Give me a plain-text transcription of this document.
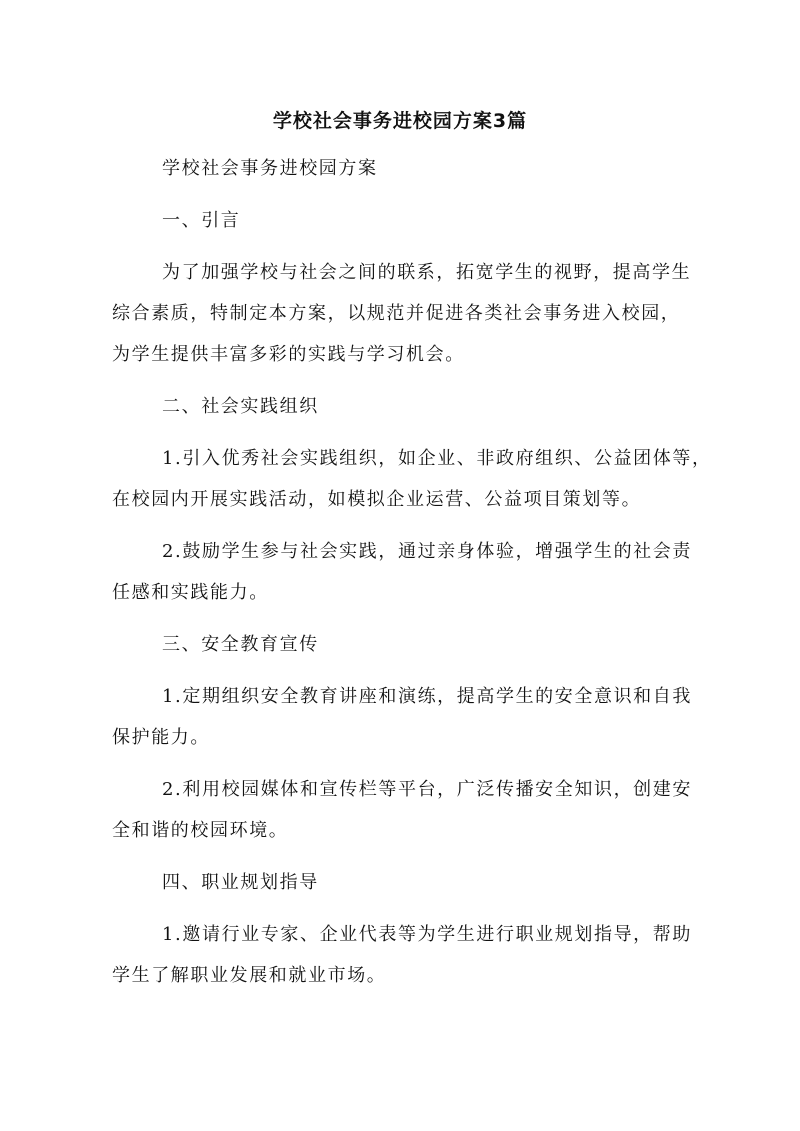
学校社会事务进校园方案3篇

学校社会事务进校园方案

一、引言

为了加强学校与社会之间的联系，拓宽学生的视野，提高学生

综合素质，特制定本方案，以规范并促进各类社会事务进入校园，

为学生提供丰富多彩的实践与学习机会。

二、社会实践组织

1.引入优秀社会实践组织，如企业、非政府组织、公益团体等，

在校园内开展实践活动，如模拟企业运营、公益项目策划等。

2.鼓励学生参与社会实践，通过亲身体验，增强学生的社会责

任感和实践能力。

三、安全教育宣传

1.定期组织安全教育讲座和演练，提高学生的安全意识和自我

保护能力。

2.利用校园媒体和宣传栏等平台，广泛传播安全知识，创建安

全和谐的校园环境。

四、职业规划指导

1.邀请行业专家、企业代表等为学生进行职业规划指导，帮助

学生了解职业发展和就业市场。
